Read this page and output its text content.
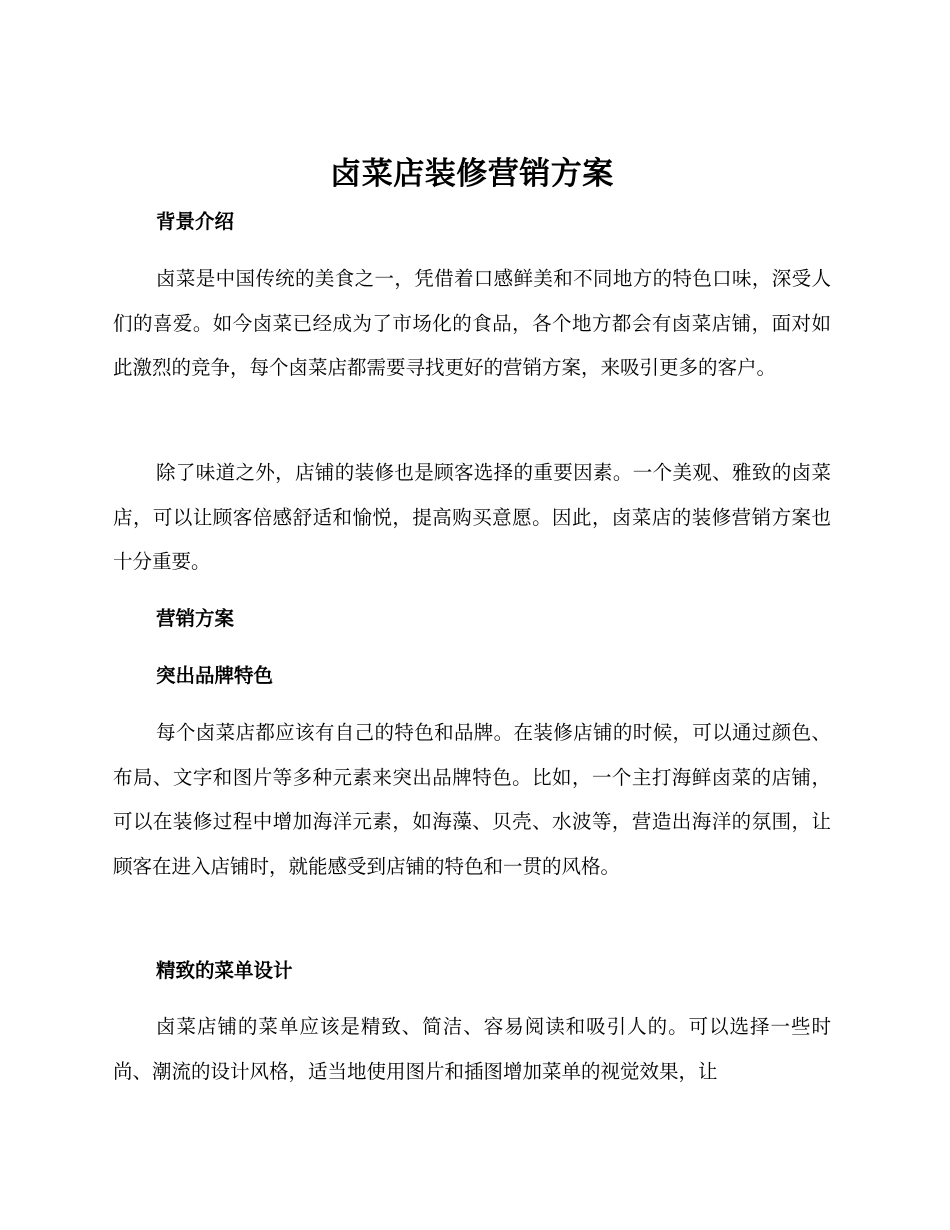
卤菜店装修营销方案
背景介绍

卤菜是中国传统的美食之一，凭借着口感鲜美和不同地方的特色口味，深受人们的喜爱。如今卤菜已经成为了市场化的食品，各个地方都会有卤菜店铺，面对如此激烈的竞争，每个卤菜店都需要寻找更好的营销方案，来吸引更多的客户。

除了味道之外，店铺的装修也是顾客选择的重要因素。一个美观、雅致的卤菜店，可以让顾客倍感舒适和愉悦，提高购买意愿。因此，卤菜店的装修营销方案也十分重要。

营销方案
突出品牌特色

每个卤菜店都应该有自己的特色和品牌。在装修店铺的时候，可以通过颜色、布局、文字和图片等多种元素来突出品牌特色。比如，一个主打海鲜卤菜的店铺，可以在装修过程中增加海洋元素，如海藻、贝壳、水波等，营造出海洋的氛围，让顾客在进入店铺时，就能感受到店铺的特色和一贯的风格。

精致的菜单设计

卤菜店铺的菜单应该是精致、简洁、容易阅读和吸引人的。可以选择一些时尚、潮流的设计风格，适当地使用图片和插图增加菜单的视觉效果，让
